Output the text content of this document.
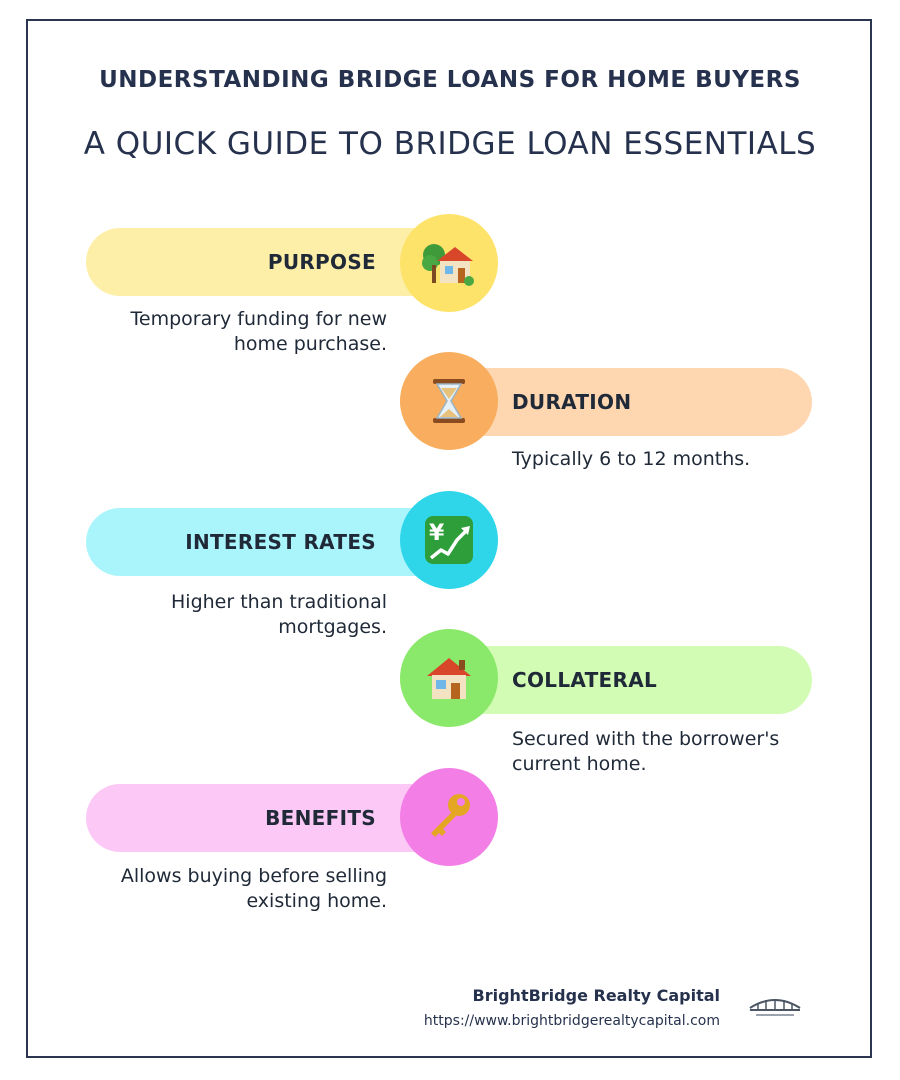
UNDERSTANDING BRIDGE LOANS FOR HOME BUYERS
A QUICK GUIDE TO BRIDGE LOAN ESSENTIALS
PURPOSE
Temporary funding for new home purchase.
DURATION
Typically 6 to 12 months.
INTEREST RATES ¥
Higher than traditional mortgages.
COLLATERAL
Secured with the borrower's current home.
BENEFITS
Allows buying before selling existing home.
BrightBridge Realty Capital
https://www.brightbridgerealtycapital.com
